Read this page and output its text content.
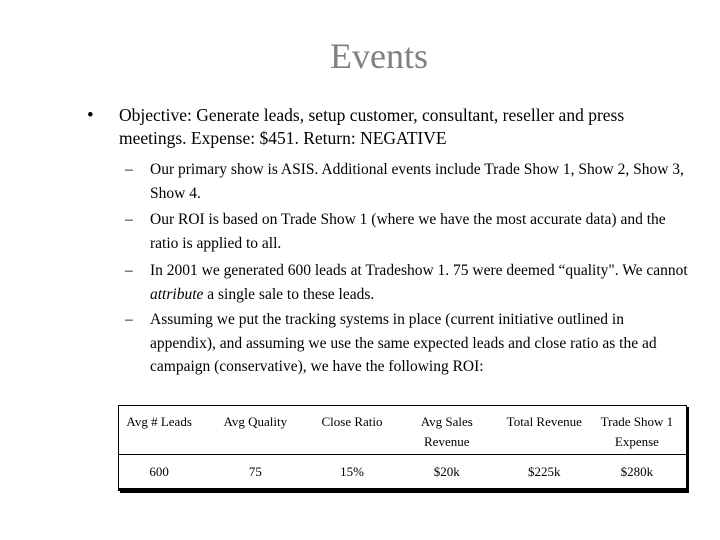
Events
• Objective: Generate leads, setup customer, consultant, reseller and press meetings. Expense: $451. Return: NEGATIVE
– Our primary show is ASIS. Additional events include Trade Show 1, Show 2, Show 3, Show 4.
– Our ROI is based on Trade Show 1 (where we have the most accurate data) and the ratio is applied to all.
– In 2001 we generated 600 leads at Tradeshow 1. 75 were deemed “quality". We cannot attribute a single sale to these leads.
– Assuming we put the tracking systems in place (current initiative outlined in appendix), and assuming we use the same expected leads and close ratio as the ad campaign (conservative), we have the following ROI:
Avg # Leads	Avg Quality	Close Ratio	Avg Sales Revenue	Total Revenue	Trade Show 1 Expense
600	75	15%	$20k	$225k	$280k
